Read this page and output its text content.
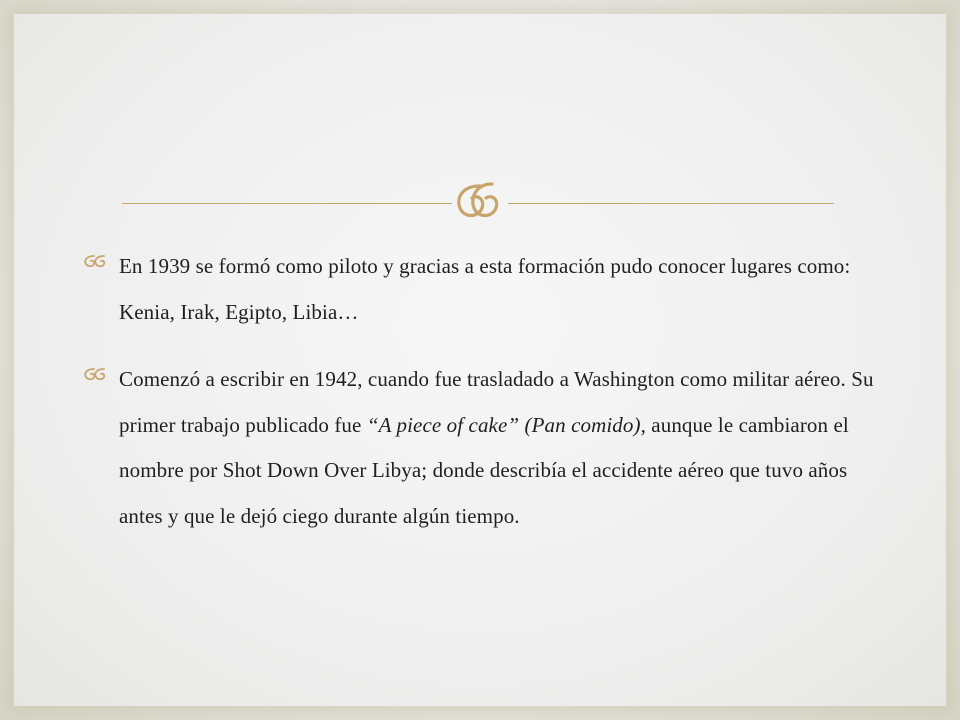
En 1939 se formó como piloto y gracias a esta formación pudo conocer lugares como: Kenia, Irak, Egipto, Libia…
Comenzó a escribir en 1942, cuando fue trasladado a Washington como militar aéreo. Su primer trabajo publicado fue “A piece of cake” (Pan comido), aunque le cambiaron el nombre por Shot Down Over Libya; donde describía el accidente aéreo que tuvo años antes y que le dejó ciego durante algún tiempo.
